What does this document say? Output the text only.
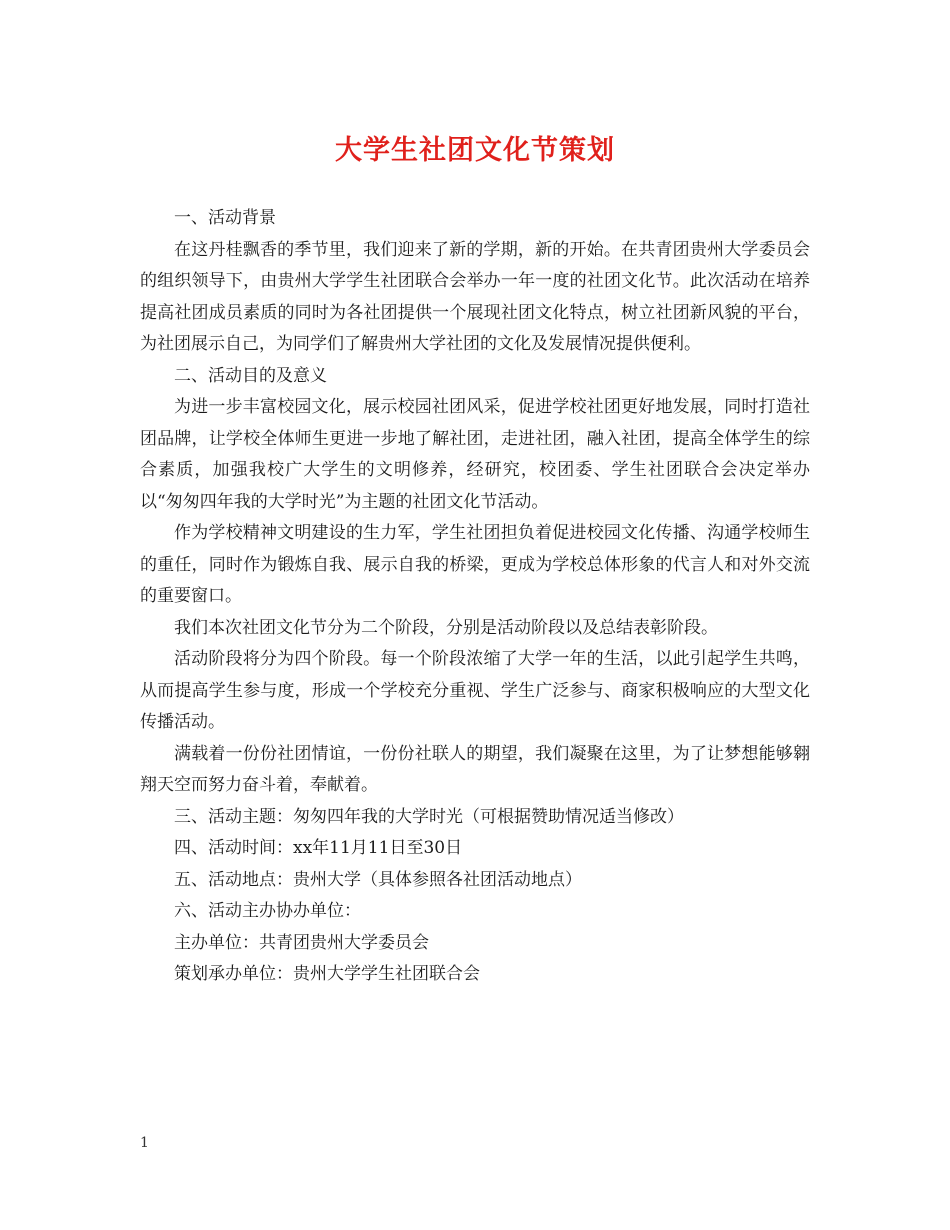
大学生社团文化节策划

一、活动背景

在这丹桂飘香的季节里，我们迎来了新的学期，新的开始。在共青团贵州大学委员会的组织领导下，由贵州大学学生社团联合会举办一年一度的社团文化节。此次活动在培养提高社团成员素质的同时为各社团提供一个展现社团文化特点，树立社团新风貌的平台，为社团展示自己，为同学们了解贵州大学社团的文化及发展情况提供便利。

二、活动目的及意义

为进一步丰富校园文化，展示校园社团风采，促进学校社团更好地发展，同时打造社团品牌，让学校全体师生更进一步地了解社团，走进社团，融入社团，提高全体学生的综合素质，加强我校广大学生的文明修养，经研究，校团委、学生社团联合会决定举办以“匆匆四年我的大学时光”为主题的社团文化节活动。

作为学校精神文明建设的生力军，学生社团担负着促进校园文化传播、沟通学校师生的重任，同时作为锻炼自我、展示自我的桥梁，更成为学校总体形象的代言人和对外交流的重要窗口。

我们本次社团文化节分为二个阶段，分别是活动阶段以及总结表彰阶段。

活动阶段将分为四个阶段。每一个阶段浓缩了大学一年的生活，以此引起学生共鸣，从而提高学生参与度，形成一个学校充分重视、学生广泛参与、商家积极响应的大型文化传播活动。

满载着一份份社团情谊，一份份社联人的期望，我们凝聚在这里，为了让梦想能够翱翔天空而努力奋斗着，奉献着。

三、活动主题：匆匆四年我的大学时光（可根据赞助情况适当修改）

四、活动时间：xx年11月11日至30日

五、活动地点：贵州大学（具体参照各社团活动地点）

六、活动主办协办单位：

主办单位：共青团贵州大学委员会

策划承办单位：贵州大学学生社团联合会

1
